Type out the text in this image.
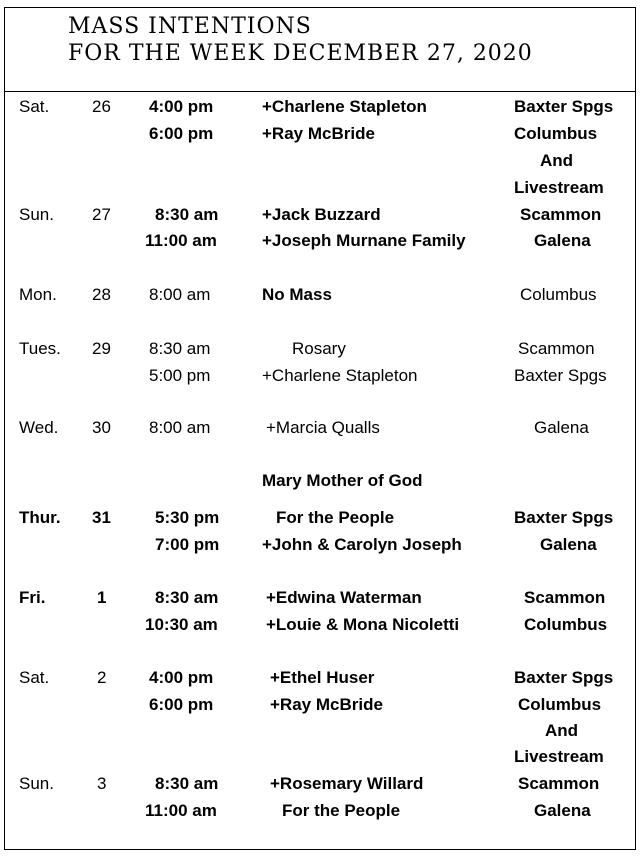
MASS INTENTIONS
FOR THE WEEK DECEMBER 27, 2020
Sat.	26 4:00 pm	+Charlene Stapleton	Baxter Spgs
6:00 pm	+Ray McBride	Columbus
And
Livestream
Sun. 27	8:30 am	+Jack Buzzard	Scammon
11:00 am	+Joseph Murnane Family	Galena
Mon. 28 8:00 am	No Mass	Columbus
Tues. 29 8:30 am	Rosary	Scammon
5:00 pm	+Charlene Stapleton	Baxter Spgs
Wed. 30 8:00 am	+Marcia Qualls	Galena
Mary Mother of God
Thur. 31	5:30 pm	For the People	Baxter Spgs
7:00 pm	+John & Carolyn Joseph	Galena
Fri.	1	8:30 am	+Edwina Waterman	Scammon
10:30 am	+Louie & Mona Nicoletti	Columbus
Sat.	2	4:00 pm	+Ethel Huser	Baxter Spgs
6:00 pm	+Ray McBride	Columbus
And
Livestream
Sun.	3	8:30 am	+Rosemary Willard	Scammon
11:00 am	For the People	Galena
